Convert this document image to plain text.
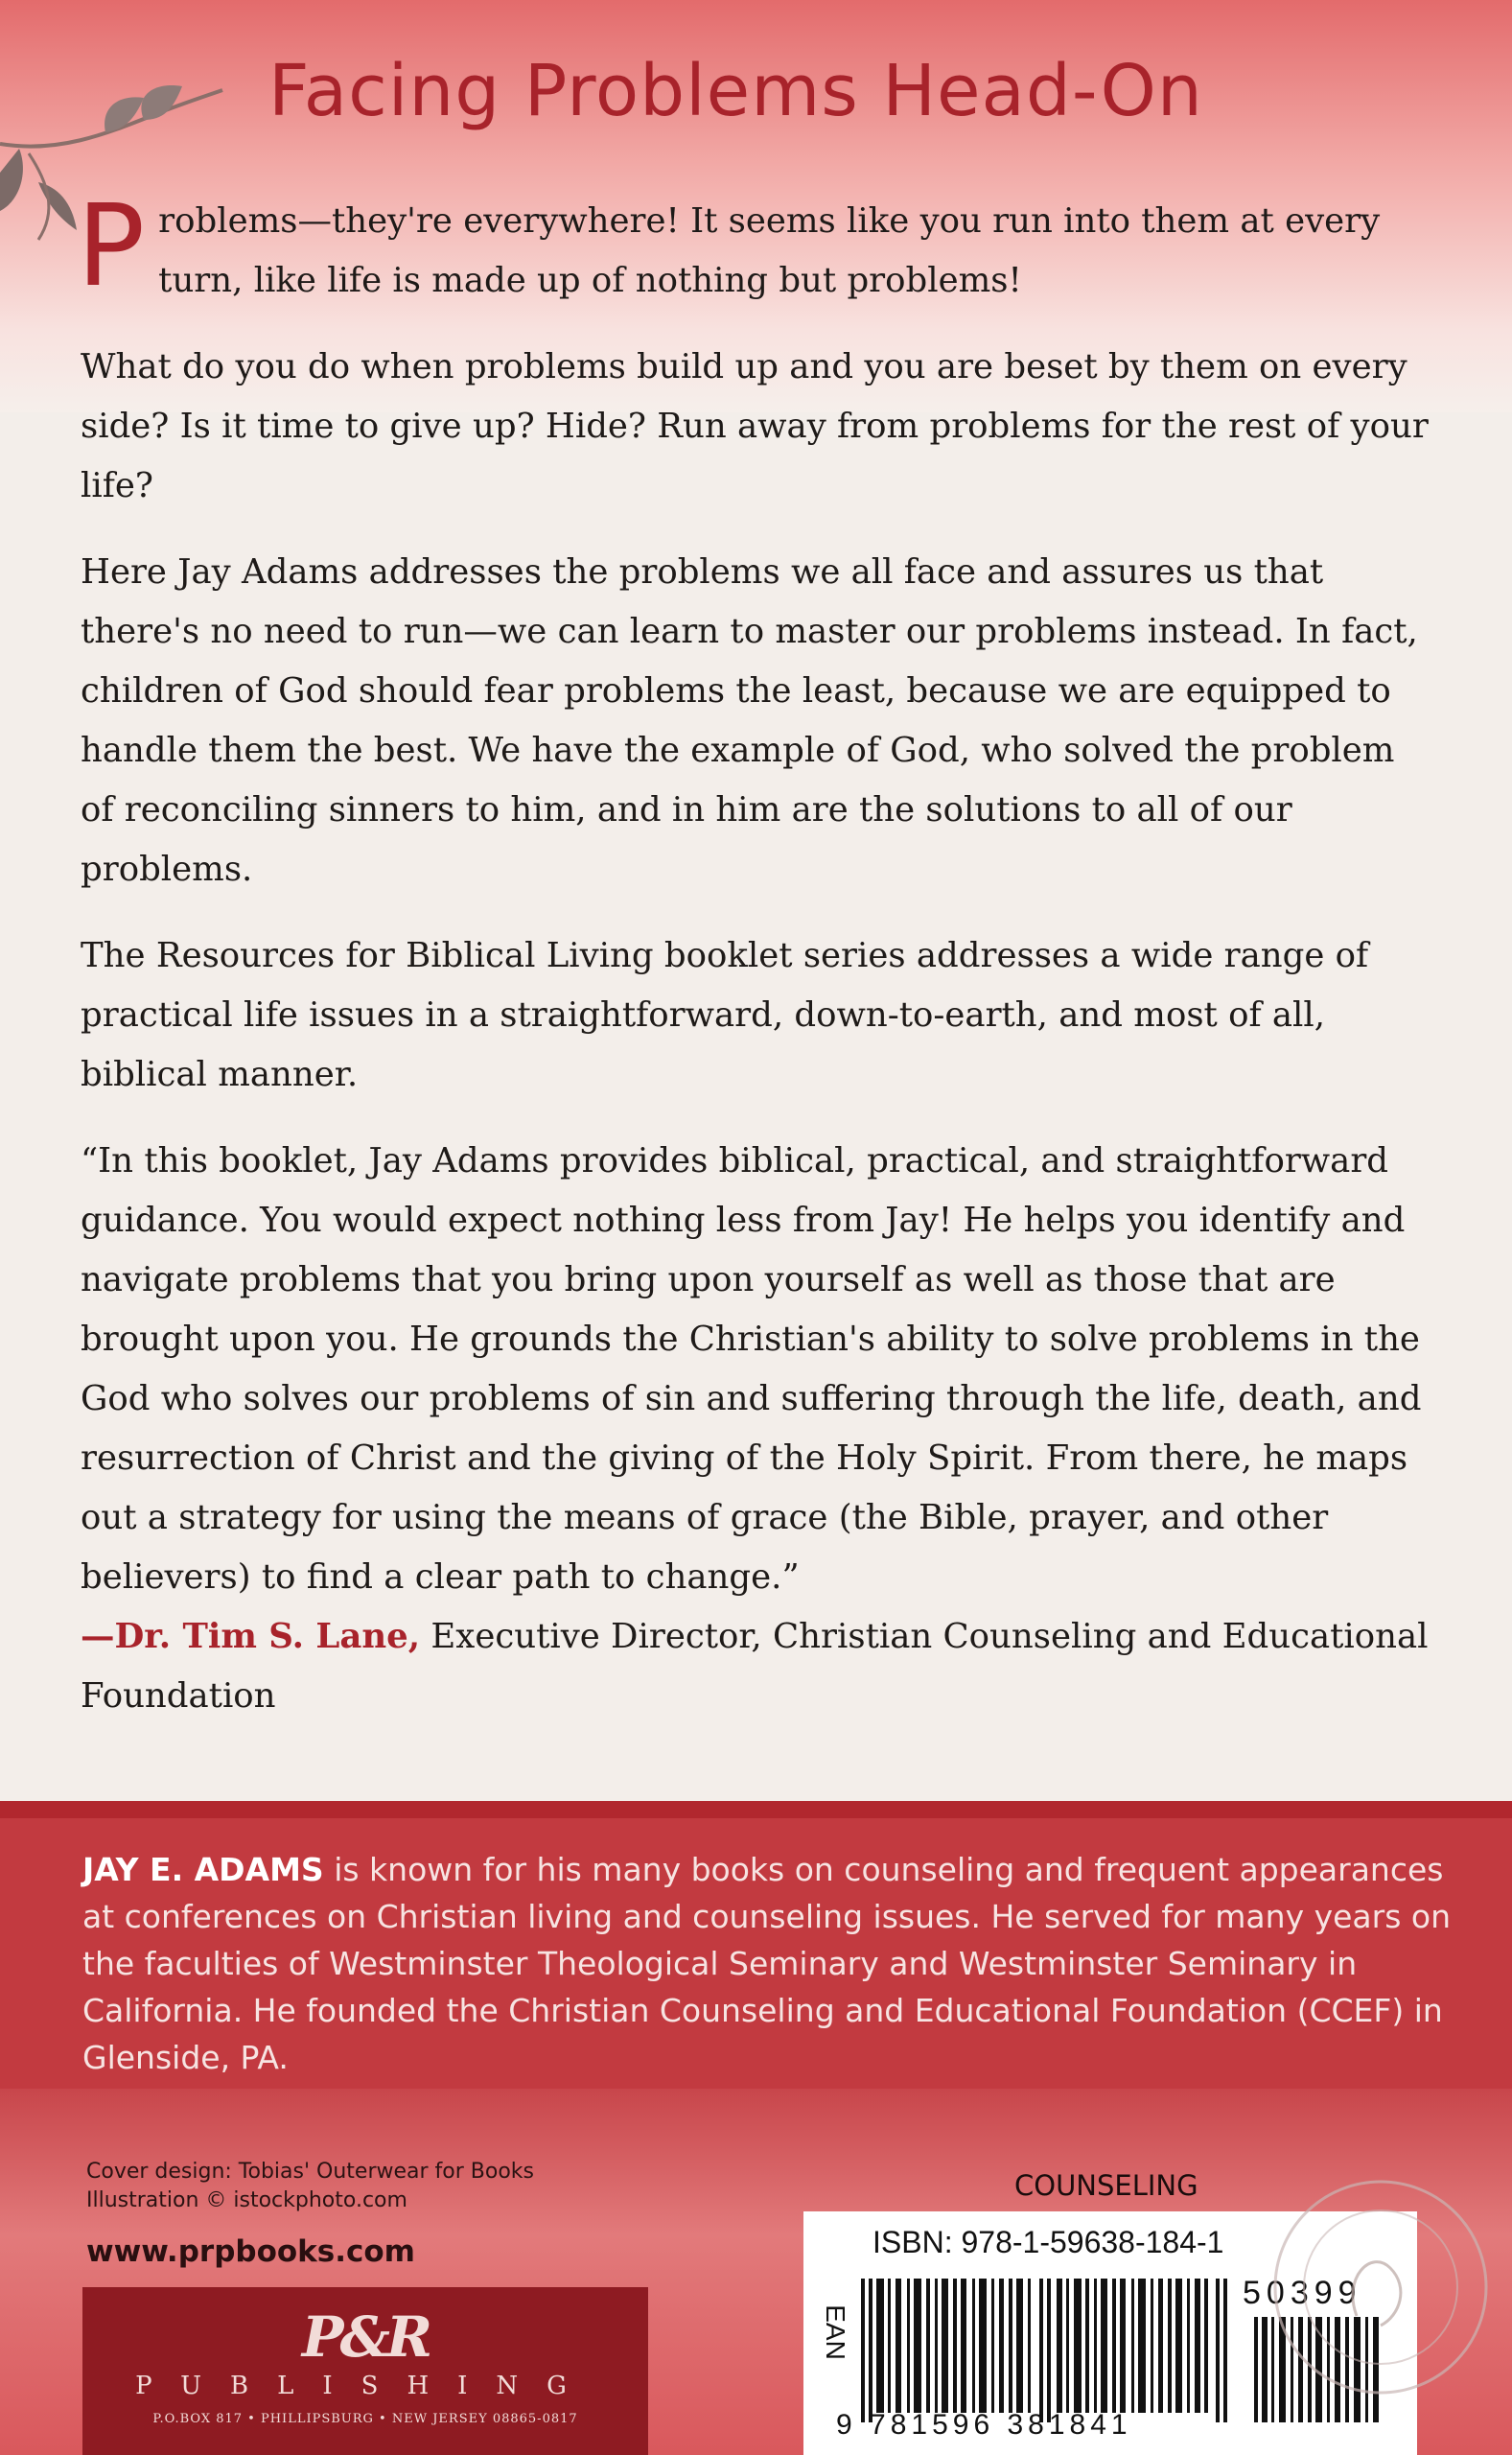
Facing Problems Head-On

Problems—they're everywhere! It seems like you run into them at every turn, like life is made up of nothing but problems!

What do you do when problems build up and you are beset by them on every side? Is it time to give up? Hide? Run away from problems for the rest of your life?

Here Jay Adams addresses the problems we all face and assures us that there's no need to run—we can learn to master our problems instead. In fact, children of God should fear problems the least, because we are equipped to handle them the best. We have the example of God, who solved the problem of reconciling sinners to him, and in him are the solutions to all of our problems.

The Resources for Biblical Living booklet series addresses a wide range of practical life issues in a straightforward, down-to-earth, and most of all, biblical manner.

“In this booklet, Jay Adams provides biblical, practical, and straightforward guidance. You would expect nothing less from Jay! He helps you identify and navigate problems that you bring upon yourself as well as those that are brought upon you. He grounds the Christian's ability to solve problems in the God who solves our problems of sin and suffering through the life, death, and resurrection of Christ and the giving of the Holy Spirit. From there, he maps out a strategy for using the means of grace (the Bible, prayer, and other believers) to find a clear path to change.”
—Dr. Tim S. Lane, Executive Director, Christian Counseling and Educational Foundation

JAY E. ADAMS is known for his many books on counseling and frequent appearances at conferences on Christian living and counseling issues. He served for many years on the faculties of Westminster Theological Seminary and Westminster Seminary in California. He founded the Christian Counseling and Educational Foundation (CCEF) in Glenside, PA.
Cover design: Tobias' Outerwear for Books
Illustration © istockphoto.com
www.prpbooks.com
P&R
PUBLISHING
P.O.BOX 817 • PHILLIPSBURG • NEW JERSEY 08865-0817
COUNSELING
ISBN: 978-1-59638-184-1
EAN
50399
9 781596 381841
